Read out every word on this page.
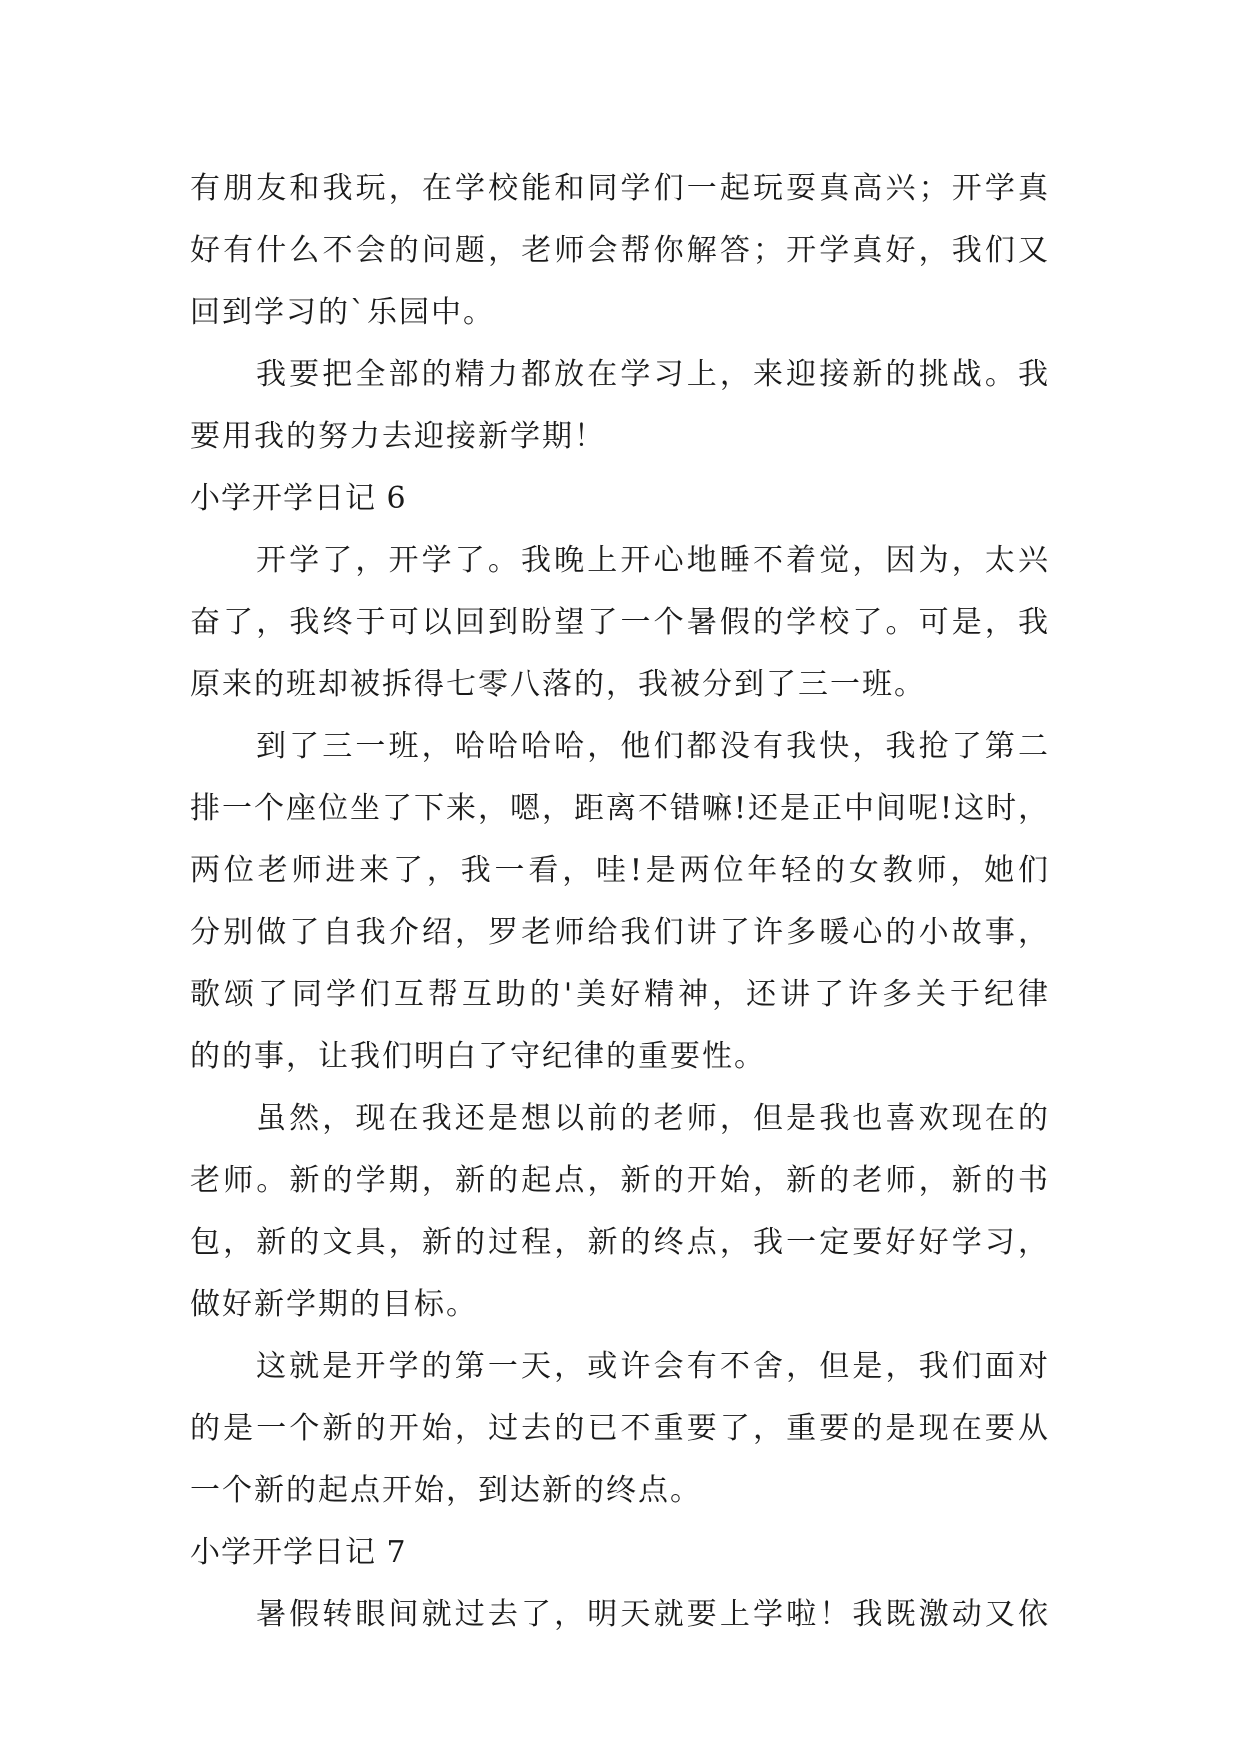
有朋友和我玩，在学校能和同学们一起玩耍真高兴；开学真
好有什么不会的问题，老师会帮你解答；开学真好，我们又
回到学习的`乐园中。
我要把全部的精力都放在学习上，来迎接新的挑战。我
要用我的努力去迎接新学期！
小学开学日记 6
开学了，开学了。我晚上开心地睡不着觉，因为，太兴
奋了，我终于可以回到盼望了一个暑假的学校了。可是，我
原来的班却被拆得七零八落的，我被分到了三一班。
到了三一班，哈哈哈哈，他们都没有我快，我抢了第二
排一个座位坐了下来，嗯，距离不错嘛!还是正中间呢!这时，
两位老师进来了，我一看，哇!是两位年轻的女教师，她们
分别做了自我介绍，罗老师给我们讲了许多暖心的小故事，
歌颂了同学们互帮互助的'美好精神，还讲了许多关于纪律
的的事，让我们明白了守纪律的重要性。
虽然，现在我还是想以前的老师，但是我也喜欢现在的
老师。新的学期，新的起点，新的开始，新的老师，新的书
包，新的文具，新的过程，新的终点，我一定要好好学习，
做好新学期的目标。
这就是开学的第一天，或许会有不舍，但是，我们面对
的是一个新的开始，过去的已不重要了，重要的是现在要从
一个新的起点开始，到达新的终点。
小学开学日记 7
暑假转眼间就过去了，明天就要上学啦！我既激动又依
